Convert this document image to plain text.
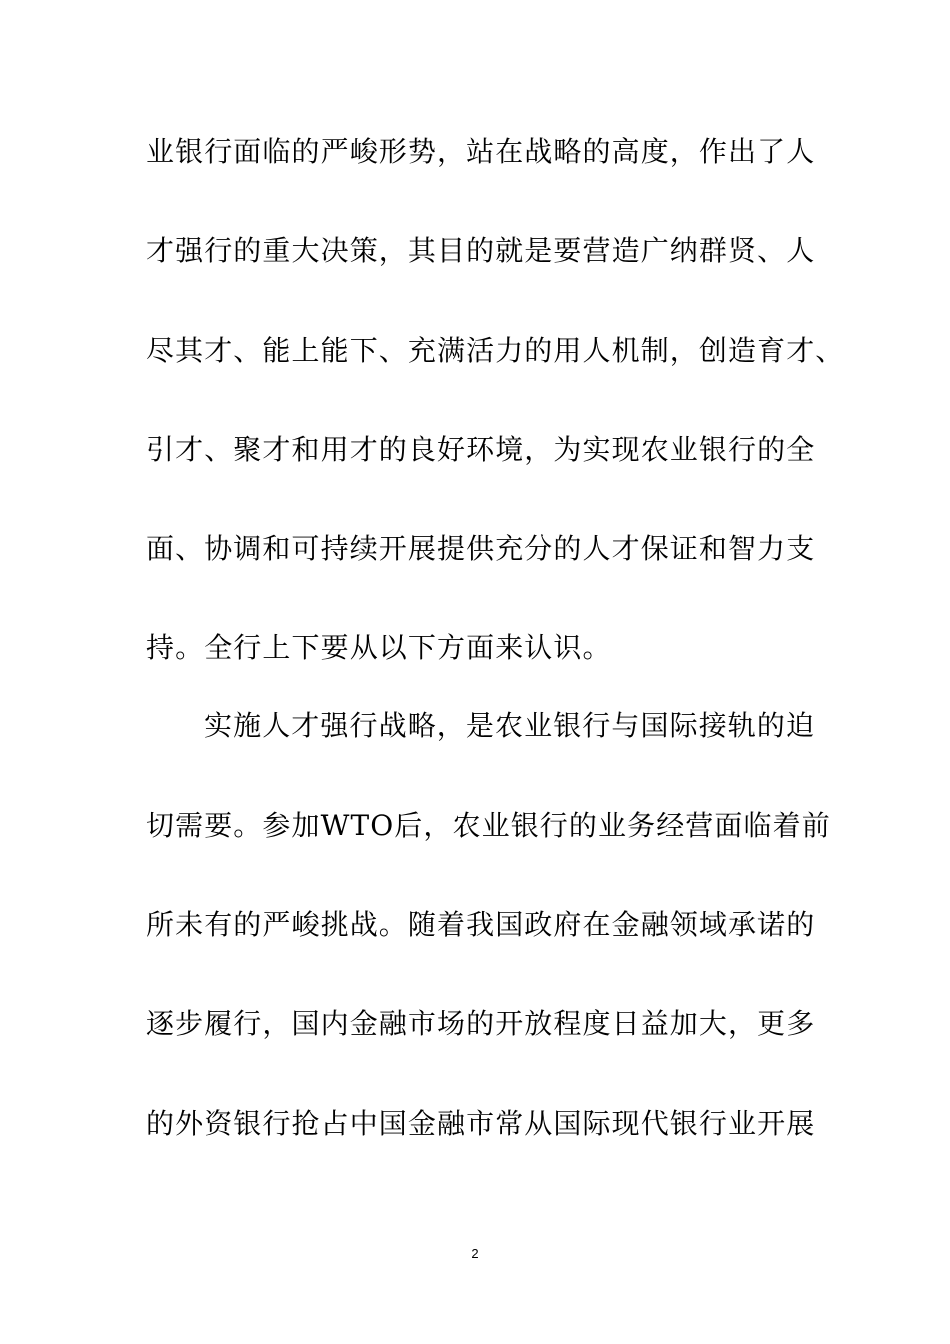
业银行面临的严峻形势，站在战略的高度，作出了人
才强行的重大决策，其目的就是要营造广纳群贤、人
尽其才、能上能下、充满活力的用人机制，创造育才、
引才、聚才和用才的良好环境，为实现农业银行的全
面、协调和可持续开展提供充分的人才保证和智力支
持。全行上下要从以下方面来认识。
实施人才强行战略，是农业银行与国际接轨的迫
切需要。参加WTO后，农业银行的业务经营面临着前
所未有的严峻挑战。随着我国政府在金融领域承诺的
逐步履行，国内金融市场的开放程度日益加大，更多
的外资银行抢占中国金融市常从国际现代银行业开展
2
